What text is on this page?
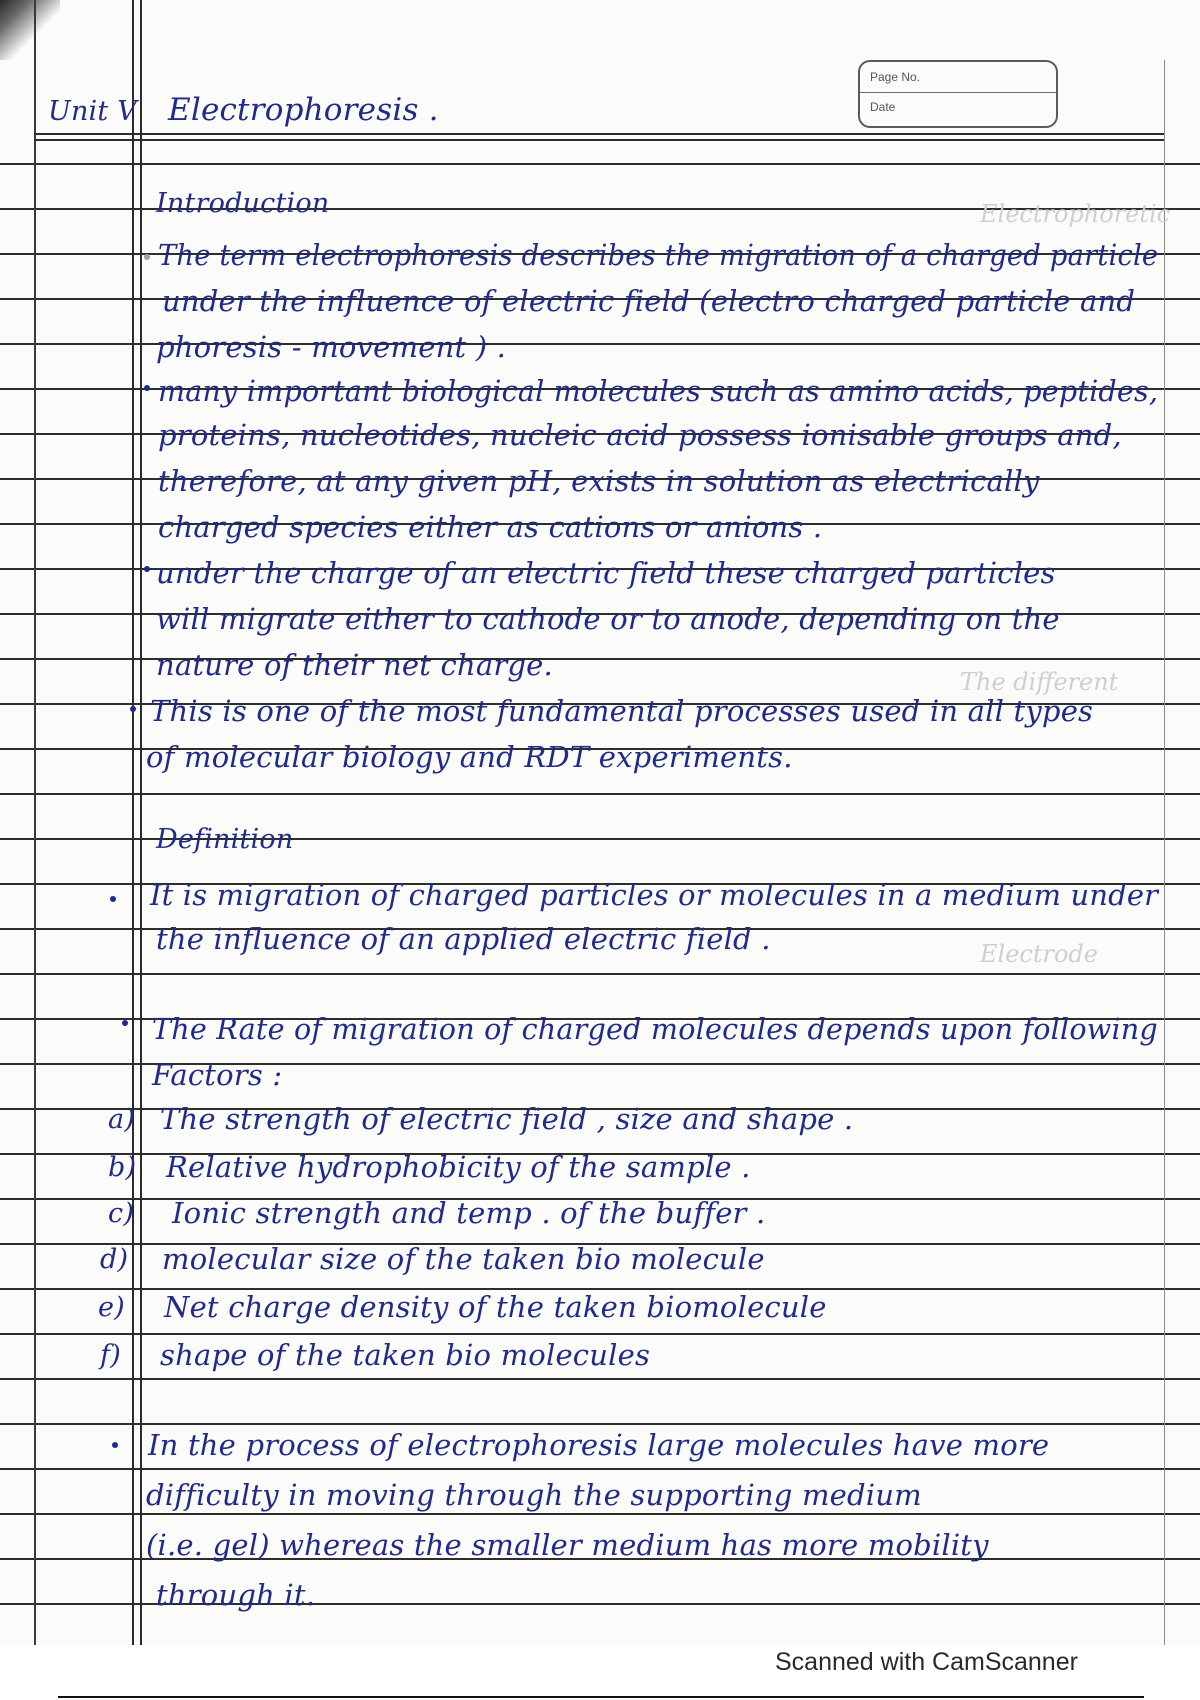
Electrophoretic
The different
Electrode
Page No.
Date
Unit V Electrophoresis .
Introduction
The term electrophoresis describes the migration of a charged particle
under the influence of electric field (electro charged particle and
phoresis - movement ) .
many important biological molecules such as amino acids, peptides,
proteins, nucleotides, nucleic acid possess ionisable groups and,
therefore, at any given pH, exists in solution as electrically
charged species either as cations or anions .
under the charge of an electric field these charged particles
will migrate either to cathode or to anode, depending on the
nature of their net charge.
This is one of the most fundamental processes used in all types
of molecular biology and RDT experiments.
Definition
It is migration of charged particles or molecules in a medium under
the influence of an applied electric field .
The Rate of migration of charged molecules depends upon following
Factors :
a) The strength of electric field , size and shape .
b) Relative hydrophobicity of the sample .
c) Ionic strength and temp . of the buffer .
d) molecular size of the taken bio molecule
e) Net charge density of the taken biomolecule
f) shape of the taken bio molecules
In the process of electrophoresis large molecules have more
difficulty in moving through the supporting medium
(i.e. gel) whereas the smaller medium has more mobility
through it.
Scanned with CamScanner
